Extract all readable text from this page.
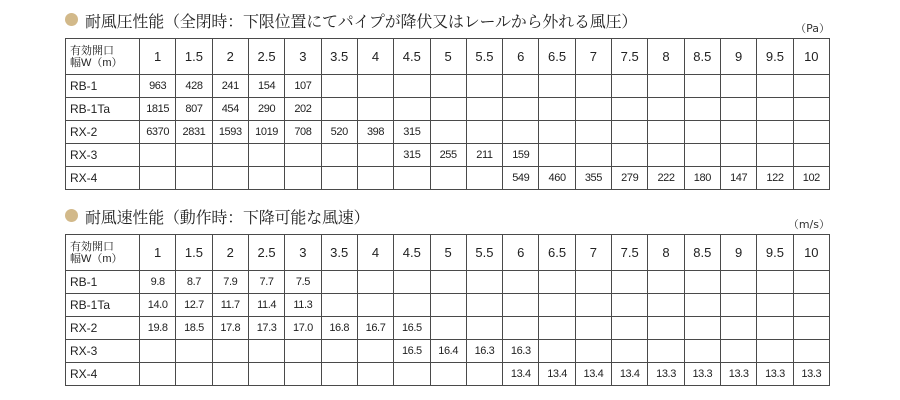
耐風圧性能（全閉時：下限位置にてパイプが降伏又はレールから外れる風圧）	（Pa）
有効開口
幅W（m）	1	1.5	2	2.5	3	3.5	4	4.5	5	5.5	6	6.5	7	7.5	8	8.5	9	9.5	10
RB-1	963	428	241	154	107														
RB-1Ta	1815	807	454	290	202														
RX-2	6370	2831	1593	1019	708	520	398	315											
RX-3								315	255	211	159								
RX-4											549	460	355	279	222	180	147	122	102
耐風速性能（動作時：下降可能な風速）	（m/s）
有効開口
幅W（m）	1	1.5	2	2.5	3	3.5	4	4.5	5	5.5	6	6.5	7	7.5	8	8.5	9	9.5	10
RB-1	9.8	8.7	7.9	7.7	7.5														
RB-1Ta	14.0	12.7	11.7	11.4	11.3														
RX-2	19.8	18.5	17.8	17.3	17.0	16.8	16.7	16.5											
RX-3								16.5	16.4	16.3	16.3								
RX-4											13.4	13.4	13.4	13.4	13.3	13.3	13.3	13.3	13.3
